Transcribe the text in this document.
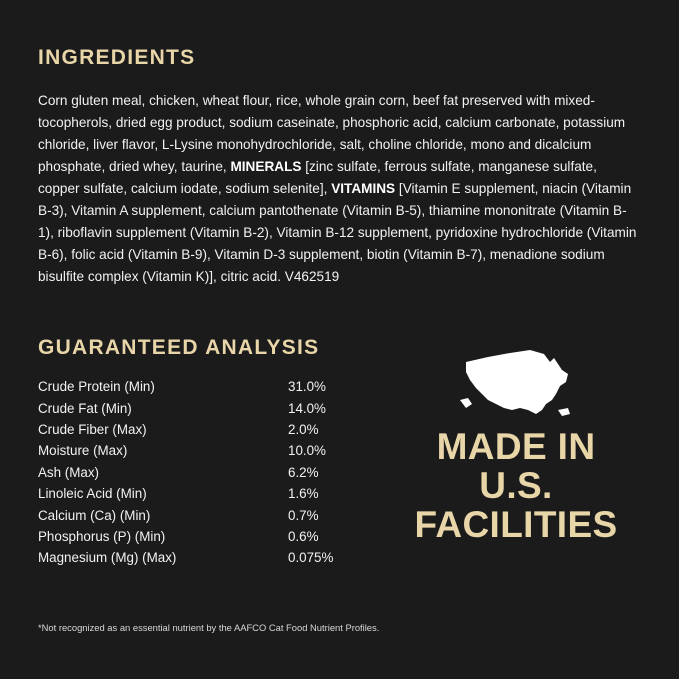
INGREDIENTS

Corn gluten meal, chicken, wheat flour, rice, whole grain corn, beef fat preserved with mixed-tocopherols, dried egg product, sodium caseinate, phosphoric acid, calcium carbonate, potassium chloride, liver flavor, L-Lysine monohydrochloride, salt, choline chloride, mono and dicalcium phosphate, dried whey, taurine, MINERALS [zinc sulfate, ferrous sulfate, manganese sulfate, copper sulfate, calcium iodate, sodium selenite], VITAMINS [Vitamin E supplement, niacin (Vitamin B-3), Vitamin A supplement, calcium pantothenate (Vitamin B-5), thiamine mononitrate (Vitamin B-1), riboflavin supplement (Vitamin B-2), Vitamin B-12 supplement, pyridoxine hydrochloride (Vitamin B-6), folic acid (Vitamin B-9), Vitamin D-3 supplement, biotin (Vitamin B-7), menadione sodium bisulfite complex (Vitamin K)], citric acid. V462519

GUARANTEED ANALYSIS
Crude Protein (Min)	31.0%
Crude Fat (Min)	14.0%
Crude Fiber (Max)	2.0%
Moisture (Max)	10.0%
Ash (Max)	6.2%
Linoleic Acid (Min)	1.6%
Calcium (Ca) (Min)	0.7%
Phosphorus (P) (Min)	0.6%
Magnesium (Mg) (Max)	0.075%
MADE IN
U.S.
FACILITIES
*Not recognized as an essential nutrient by the AAFCO Cat Food Nutrient Profiles.
